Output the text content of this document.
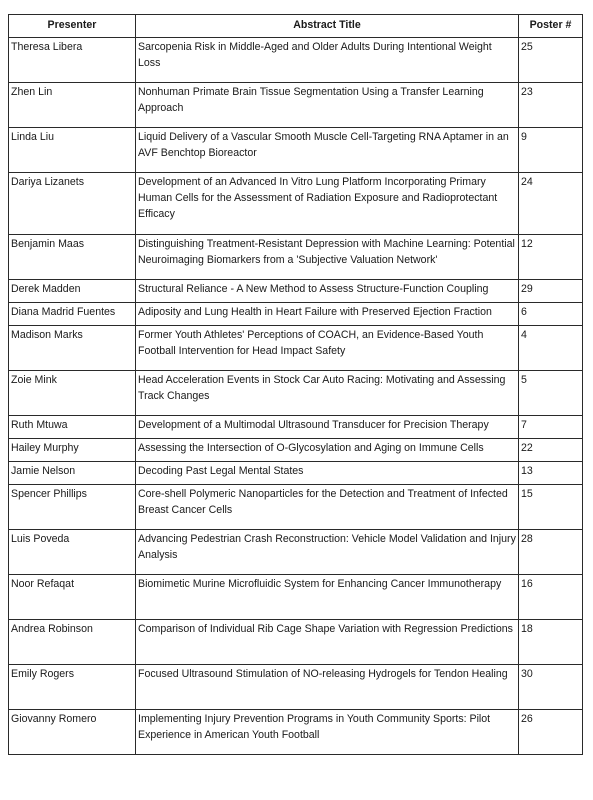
Presenter	Abstract Title	Poster #
Theresa Libera	Sarcopenia Risk in Middle-Aged and Older Adults During Intentional Weight Loss	25
Zhen Lin	Nonhuman Primate Brain Tissue Segmentation Using a Transfer Learning Approach	23
Linda Liu	Liquid Delivery of a Vascular Smooth Muscle Cell-Targeting RNA Aptamer in an AVF Benchtop Bioreactor	9
Dariya Lizanets	Development of an Advanced In Vitro Lung Platform Incorporating Primary Human Cells for the Assessment of Radiation Exposure and Radioprotectant Efficacy	24
Benjamin Maas	Distinguishing Treatment-Resistant Depression with Machine Learning: Potential Neuroimaging Biomarkers from a 'Subjective Valuation Network'	12
Derek Madden	Structural Reliance - A New Method to Assess Structure-Function Coupling	29
Diana Madrid Fuentes	Adiposity and Lung Health in Heart Failure with Preserved Ejection Fraction	6
Madison Marks	Former Youth Athletes' Perceptions of COACH, an Evidence-Based Youth Football Intervention for Head Impact Safety	4
Zoie Mink	Head Acceleration Events in Stock Car Auto Racing: Motivating and Assessing Track Changes	5
Ruth Mtuwa	Development of a Multimodal Ultrasound Transducer for Precision Therapy	7
Hailey Murphy	Assessing the Intersection of O-Glycosylation and Aging on Immune Cells	22
Jamie Nelson	Decoding Past Legal Mental States	13
Spencer Phillips	Core-shell Polymeric Nanoparticles for the Detection and Treatment of Infected Breast Cancer Cells	15
Luis Poveda	Advancing Pedestrian Crash Reconstruction: Vehicle Model Validation and Injury Analysis	28
Noor Refaqat	Biomimetic Murine Microfluidic System for Enhancing Cancer Immunotherapy	16
Andrea Robinson	Comparison of Individual Rib Cage Shape Variation with Regression Predictions	18
Emily Rogers	Focused Ultrasound Stimulation of NO-releasing Hydrogels for Tendon Healing	30
Giovanny Romero	Implementing Injury Prevention Programs in Youth Community Sports: Pilot Experience in American Youth Football	26
